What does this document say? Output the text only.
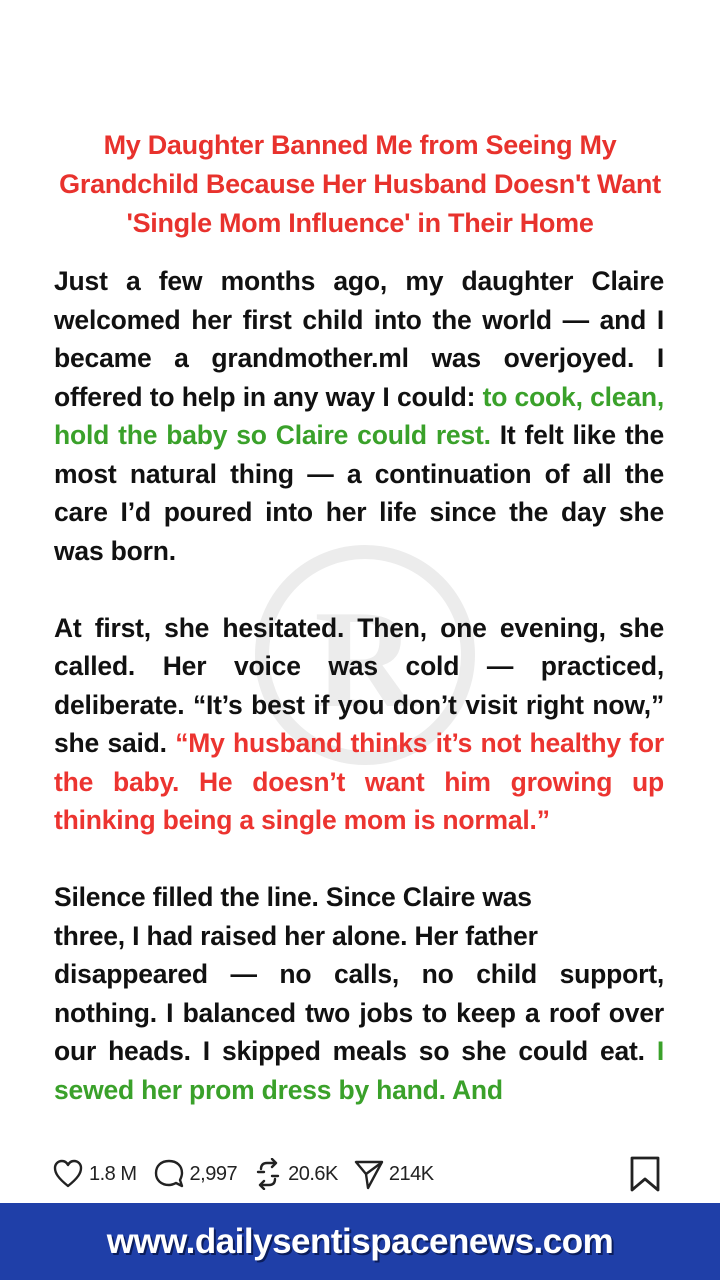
R
My Daughter Banned Me from Seeing My Grandchild Because Her Husband Doesn't Want 'Single Mom Influence' in Their Home

Just a few months ago, my daughter Claire welcomed her first child into the world — and I became a grandmother.ml was overjoyed. I offered to help in any way I could: to cook, clean, hold the baby so Claire could rest. It felt like the most natural thing — a continuation of all the care I’d poured into her life since the day she was born.

At first, she hesitated. Then, one evening, she called. Her voice was cold — practiced, deliberate. “It’s best if you don’t visit right now,” she said. “My husband thinks it’s not healthy for the baby. He doesn’t want him growing up thinking being a single mom is normal.”

Silence filled the line. Since Claire was
three, I had raised her alone. Her father
disappeared — no calls, no child support, nothing. I balanced two jobs to keep a roof over our heads. I skipped meals so she could eat. I sewed her prom dress by hand. And

1.8 M	2,997	20.6K	214K
www.dailysentispacenews.com
